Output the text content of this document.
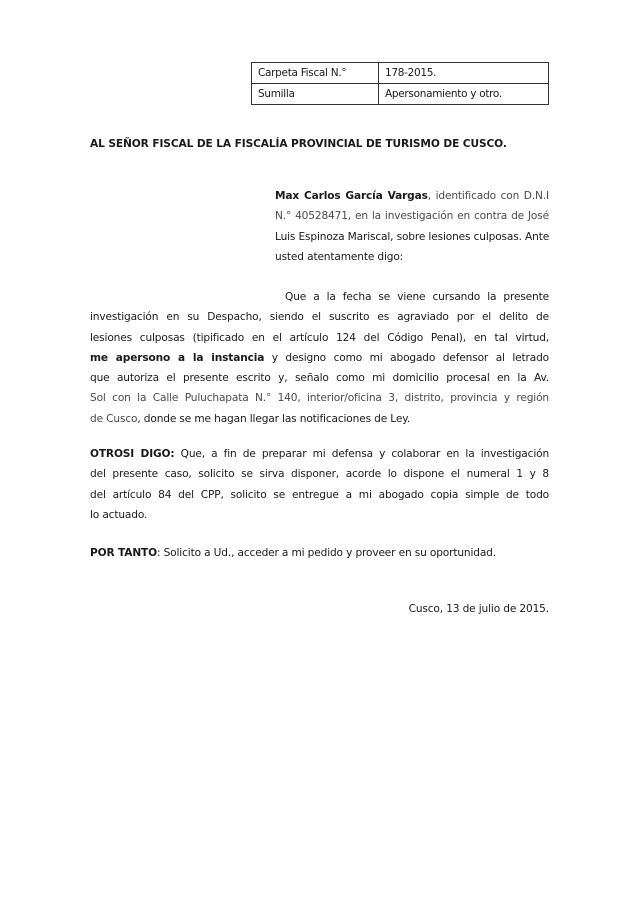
Carpeta Fiscal N.°	178-2015.
Sumilla	Apersonamiento y otro.
AL SEÑOR FISCAL DE LA FISCALÍA PROVINCIAL DE TURISMO DE CUSCO.
Max Carlos García Vargas, identificado con D.N.I
N.° 40528471, en la investigación en contra de José
Luis Espinoza Mariscal, sobre lesiones culposas. Ante
usted atentamente digo:
Que a la fecha se viene cursando la presente
investigación en su Despacho, siendo el suscrito es agraviado por el delito de
lesiones culposas (tipificado en el artículo 124 del Código Penal), en tal virtud,
me apersono a la instancia y designo como mi abogado defensor al letrado
que autoriza el presente escrito y, señalo como mi domicilio procesal en la Av.
Sol con la Calle Puluchapata N.° 140, interior/oficina 3, distrito, provincia y región
de Cusco, donde se me hagan llegar las notificaciones de Ley.
OTROSI DIGO: Que, a fin de preparar mi defensa y colaborar en la investigación
del presente caso, solicito se sirva disponer, acorde lo dispone el numeral 1 y 8
del artículo 84 del CPP, solicito se entregue a mi abogado copia simple de todo
lo actuado.
POR TANTO: Solicito a Ud., acceder a mi pedido y proveer en su oportunidad.
Cusco, 13 de julio de 2015.
